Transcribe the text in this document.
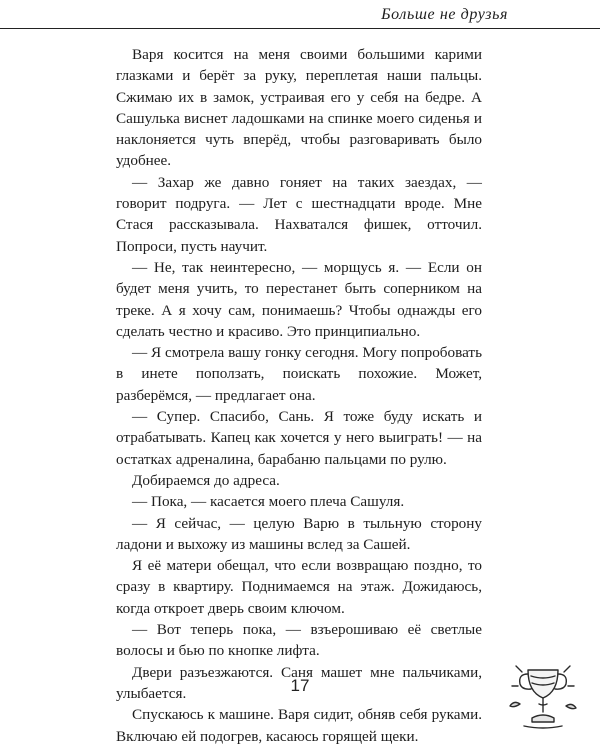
Больше не друзья

Варя косится на меня своими большими карими глазками и берёт за руку, переплетая наши пальцы. Сжимаю их в замок, устраивая его у себя на бедре. А Сашулька виснет ладошками на спинке моего сиденья и наклоняется чуть вперёд, чтобы разговаривать было удобнее.

— Захар же давно гоняет на таких заездах, — говорит подруга. — Лет с шестнадцати вроде. Мне Стася рассказывала. Нахватался фишек, отточил. Попроси, пусть научит.

— Не, так неинтересно, — морщусь я. — Если он будет меня учить, то перестанет быть соперником на треке. А я хочу сам, понимаешь? Чтобы однажды его сделать честно и красиво. Это принципиально.

— Я смотрела вашу гонку сегодня. Могу попробовать в инете поползать, поискать похожие. Может, разберёмся, — предлагает она.

— Супер. Спасибо, Сань. Я тоже буду искать и отрабатывать. Капец как хочется у него выиграть! — на остатках адреналина, барабаню пальцами по рулю.

Добираемся до адреса.

— Пока, — касается моего плеча Сашуля.

— Я сейчас, — целую Варю в тыльную сторону ладони и выхожу из машины вслед за Сашей.

Я её матери обещал, что если возвращаю поздно, то сразу в квартиру. Поднимаемся на этаж. Дожидаюсь, когда откроет дверь своим ключом.

— Вот теперь пока, — взъерошиваю её светлые волосы и бью по кнопке лифта.

Двери разъезжаются. Саня машет мне пальчиками, улыбается.

Спускаюсь к машине. Варя сидит, обняв себя руками. Включаю ей подогрев, касаюсь горящей щеки.

17
